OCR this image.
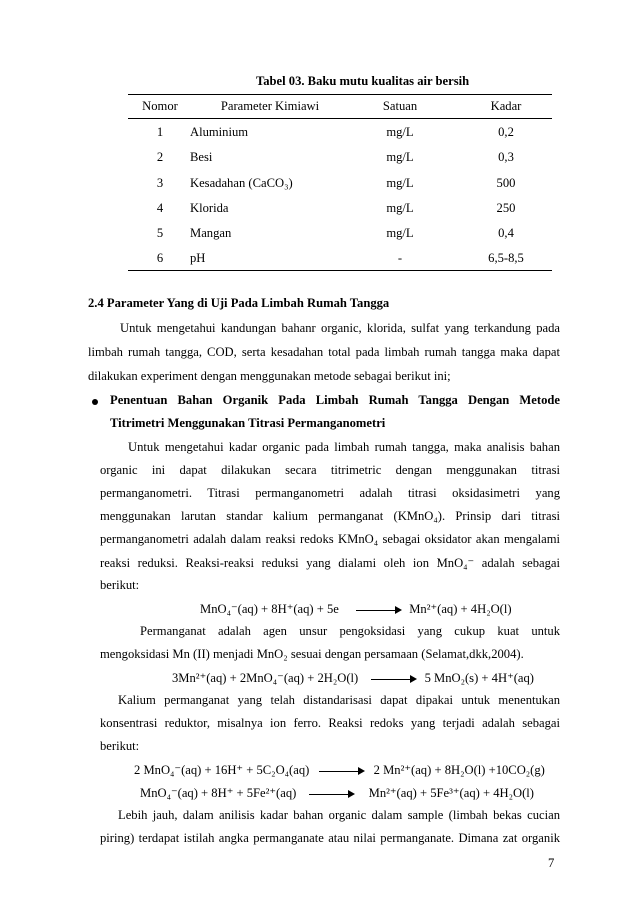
Tabel 03. Baku mutu kualitas air bersih
Nomor	Parameter Kimiawi	Satuan	Kadar
1	Aluminium	mg/L	0,2
2	Besi	mg/L	0,3
3	Kesadahan (CaCO₃)	mg/L	500
4	Klorida	mg/L	250
5	Mangan	mg/L	0,4
6	pH	-	6,5-8,5
2.4 Parameter Yang di Uji Pada Limbah Rumah Tangga
Untuk mengetahui kandungan bahanr organic, klorida, sulfat yang terkandung pada
limbah rumah tangga, COD, serta kesadahan total pada limbah rumah tangga maka dapat
dilakukan experiment dengan menggunakan metode sebagai berikut ini;
Penentuan Bahan Organik Pada Limbah Rumah Tangga Dengan Metode
Titrimetri Menggunakan Titrasi Permanganometri
Untuk mengetahui kadar organic pada limbah rumah tangga, maka analisis bahan
organic ini dapat dilakukan secara titrimetric dengan menggunakan titrasi
permanganometri. Titrasi permanganometri adalah titrasi oksidasimetri yang
menggunakan larutan standar kalium permanganat (KMnO₄). Prinsip dari titrasi
permanganometri adalah dalam reaksi redoks KMnO₄ sebagai oksidator akan mengalami
reaksi reduksi. Reaksi-reaksi reduksi yang dialami oleh ion MnO₄⁻ adalah sebagai
berikut:
MnO₄⁻(aq) + 8H⁺(aq) + 5e	Mn²⁺(aq) + 4H₂O(l)
Permanganat adalah agen unsur pengoksidasi yang cukup kuat untuk
mengoksidasi Mn (II) menjadi MnO₂ sesuai dengan persamaan (Selamat,dkk,2004).
3Mn²⁺(aq) + 2MnO₄⁻(aq) + 2H₂O(l)	5 MnO₂(s) + 4H⁺(aq)
Kalium permanganat yang telah distandarisasi dapat dipakai untuk menentukan
konsentrasi reduktor, misalnya ion ferro. Reaksi redoks yang terjadi adalah sebagai
berikut:
2 MnO₄⁻(aq) + 16H⁺ + 5C₂O₄(aq)	2 Mn²⁺(aq) + 8H₂O(l) +10CO₂(g)
MnO₄⁻(aq) + 8H⁺ + 5Fe²⁺(aq)	Mn²⁺(aq) + 5Fe³⁺(aq) + 4H₂O(l)
Lebih jauh, dalam anilisis kadar bahan organic dalam sample (limbah bekas cucian
piring) terdapat istilah angka permanganate atau nilai permanganate. Dimana zat organik
7
